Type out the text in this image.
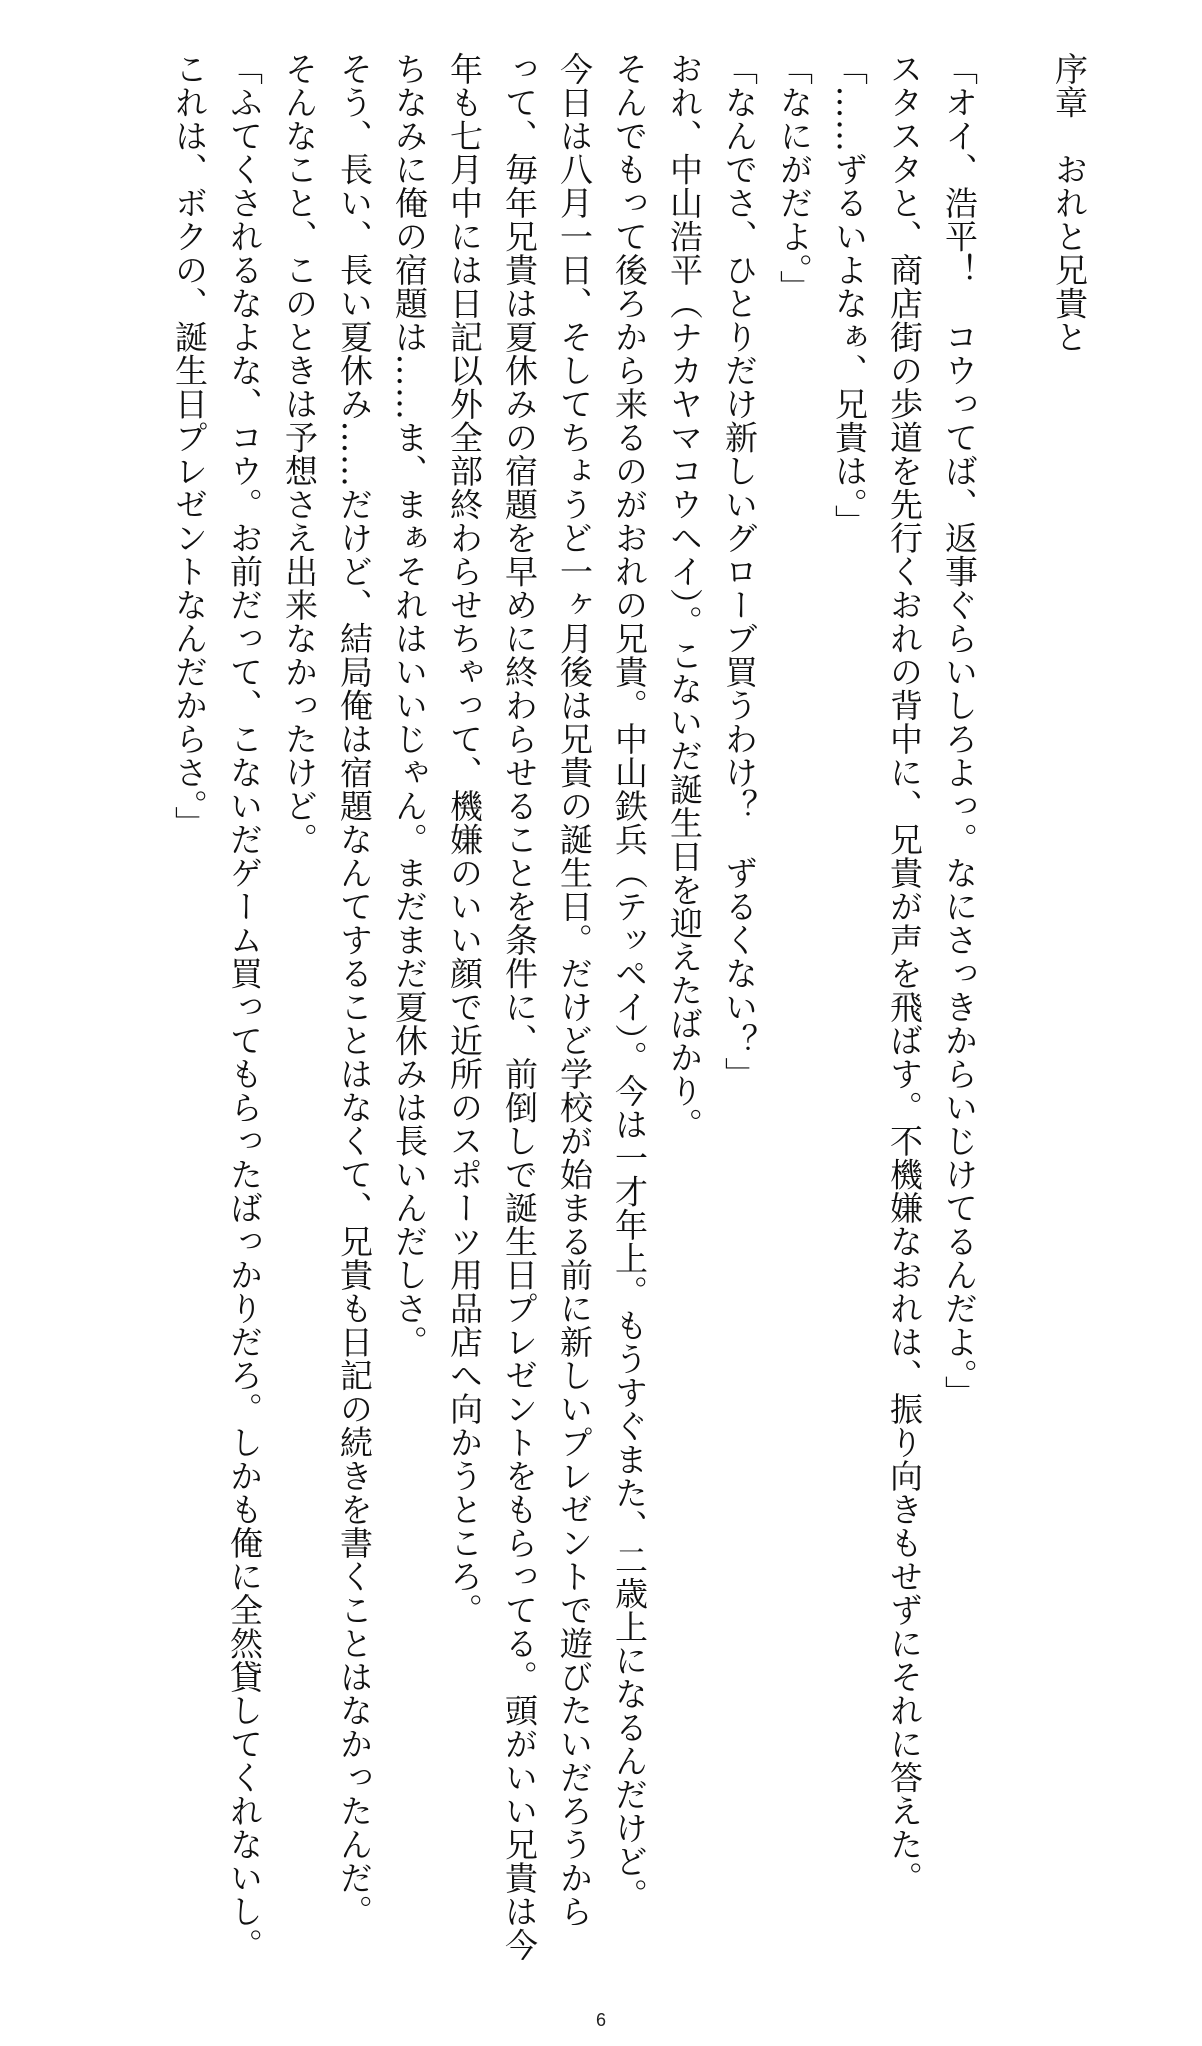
序章　おれと兄貴と
「オイ、浩平！　コウってば、返事ぐらいしろよっ。なにさっきからいじけてるんだよ。」
スタスタと、商店街の歩道を先行くおれの背中に、兄貴が声を飛ばす。不機嫌なおれは、振り向きもせずにそれに答えた。
「……ずるいよなぁ、兄貴は。」
「なにがだよ。」
「なんでさ、ひとりだけ新しいグローブ買うわけ？　ずるくない？」
おれ、中山浩平（ナカヤマコウヘイ）。こないだ誕生日を迎えたばかり。
そんでもって後ろから来るのがおれの兄貴。中山鉄兵（テッペイ）。今は一才年上。もうすぐまた、二歳上になるんだけど。
今日は八月一日、そしてちょうど一ヶ月後は兄貴の誕生日。だけど学校が始まる前に新しいプレゼントで遊びたいだろうから
って、毎年兄貴は夏休みの宿題を早めに終わらせることを条件に、前倒しで誕生日プレゼントをもらってる。頭がいい兄貴は今
年も七月中には日記以外全部終わらせちゃって、機嫌のいい顔で近所のスポーツ用品店へ向かうところ。
ちなみに俺の宿題は……ま、まぁそれはいいじゃん。まだまだ夏休みは長いんだしさ。
そう、長い、長い夏休み……だけど、結局俺は宿題なんてすることはなくて、兄貴も日記の続きを書くことはなかったんだ。
そんなこと、このときは予想さえ出来なかったけど。
「ふてくされるなよな、コウ。お前だって、こないだゲーム買ってもらったばっかりだろ。しかも俺に全然貸してくれないし。
これは、ボクの、誕生日プレゼントなんだからさ。」
6
